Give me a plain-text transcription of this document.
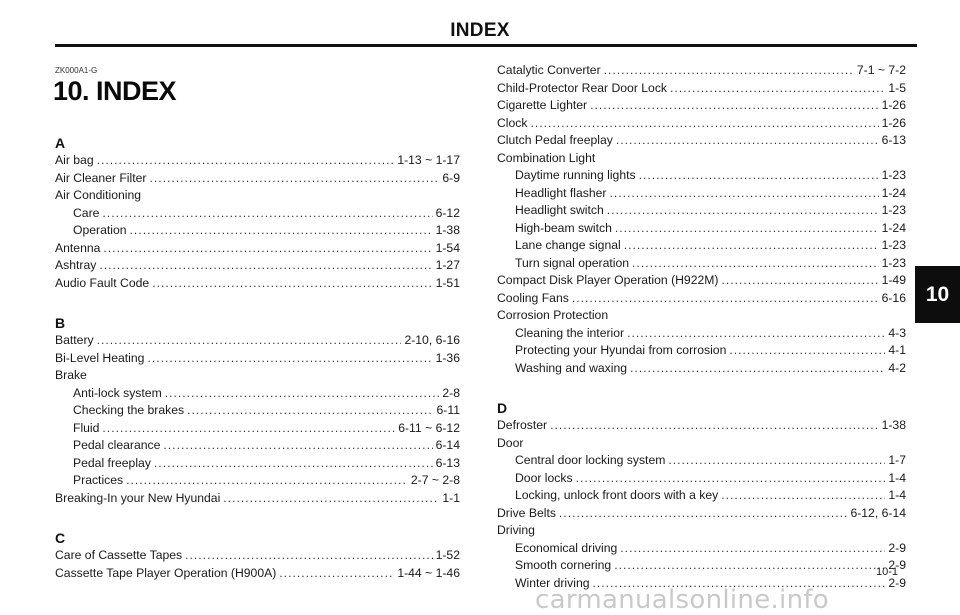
INDEX
ZK000A1-G
10. INDEX
A
Air bag .....	1-13 ~ 1-17
Air Cleaner Filter .....	6-9
Air Conditioning
Care .....	6-12
Operation .....	1-38
Antenna .....	1-54
Ashtray .....	1-27
Audio Fault Code .....	1-51
B
Battery .....	2-10, 6-16
Bi-Level Heating .....	1-36
Brake
Anti-lock system .....	2-8
Checking the brakes .....	6-11
Fluid .....	6-11 ~ 6-12
Pedal clearance .....	6-14
Pedal freeplay .....	6-13
Practices .....	2-7 ~ 2-8
Breaking-In your New Hyundai .....	1-1
C
Care of Cassette Tapes .....	1-52
Cassette Tape Player Operation (H900A) .....	1-44 ~ 1-46
Catalytic Converter .....	7-1 ~ 7-2
Child-Protector Rear Door Lock .....	1-5
Cigarette Lighter .....	1-26
Clock .....	1-26
Clutch Pedal freeplay .....	6-13
Combination Light
Daytime running lights .....	1-23
Headlight flasher .....	1-24
Headlight switch .....	1-23
High-beam switch .....	1-24
Lane change signal .....	1-23
Turn signal operation .....	1-23
Compact Disk Player Operation (H922M) .....	1-49
Cooling Fans .....	6-16
Corrosion Protection
Cleaning the interior .....	4-3
Protecting your Hyundai from corrosion .....	4-1
Washing and waxing .....	4-2
D
Defroster .....	1-38
Door
Central door locking system .....	1-7
Door locks .....	1-4
Locking, unlock front doors with a key .....	1-4
Drive Belts .....	6-12, 6-14
Driving
Economical driving .....	2-9
Smooth cornering .....	2-9
Winter driving .....	2-9
10
10-1
carmanualsonline.info
